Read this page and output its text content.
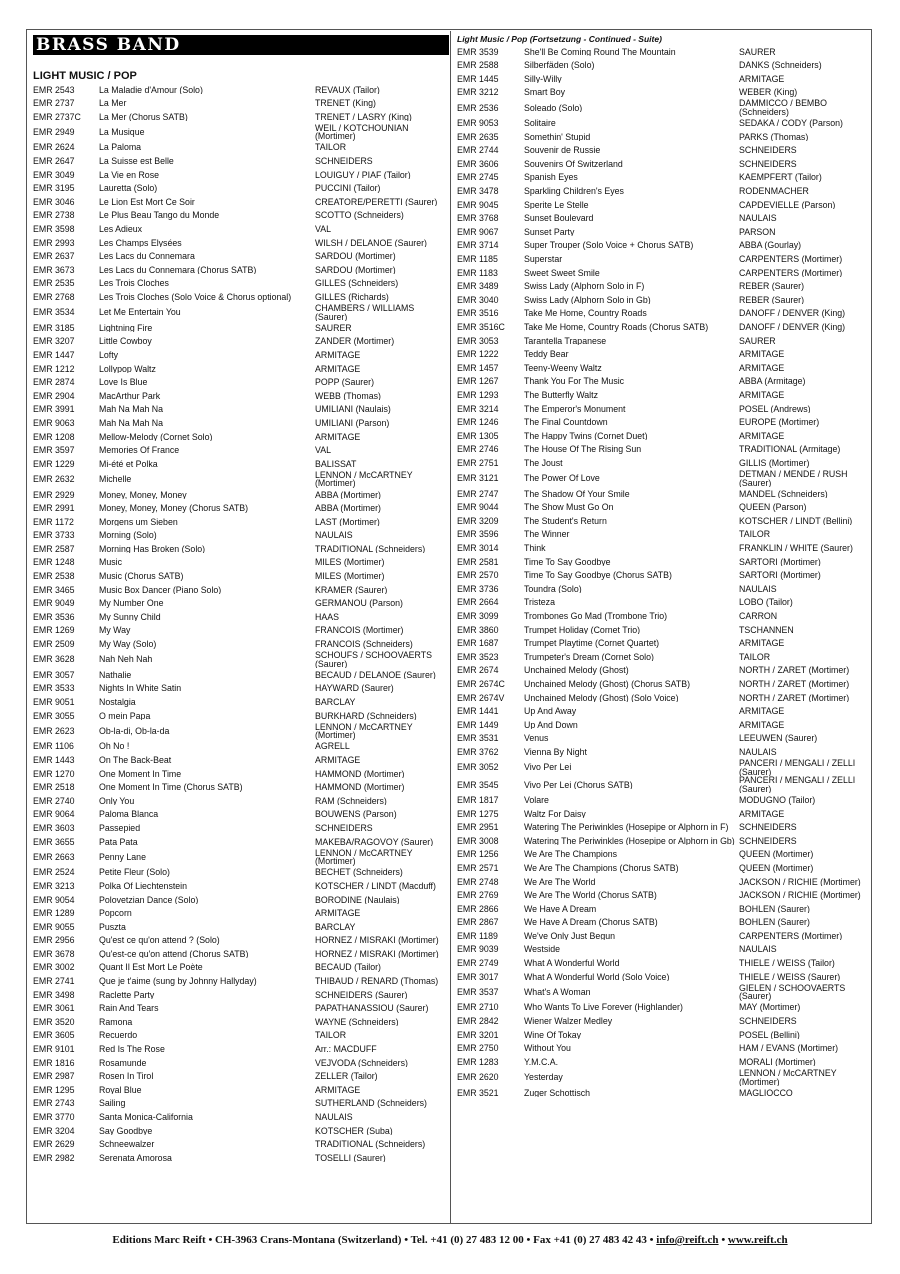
BRASS BAND
LIGHT MUSIC / POP
EMR 2543	La Maladie d'Amour (Solo)	REVAUX (Tailor)
EMR 2737	La Mer	TRENET (King)
EMR 2737C	La Mer (Chorus SATB)	TRENET / LASRY (King)
EMR 2949	La Musique	WEIL / KOTCHOUNIAN (Mortimer)
EMR 2624	La Paloma	TAILOR
EMR 2647	La Suisse est Belle	SCHNEIDERS
EMR 3049	La Vie en Rose	LOUIGUY / PIAF (Tailor)
EMR 3195	Lauretta (Solo)	PUCCINI (Tailor)
EMR 3046	Le Lion Est Mort Ce Soir	CREATORE/PERETTI (Saurer)
EMR 2738	Le Plus Beau Tango du Monde	SCOTTO (Schneiders)
EMR 3598	Les Adieux	VAL
EMR 2993	Les Champs Elysées	WILSH / DELANOE (Saurer)
EMR 2637	Les Lacs du Connemara	SARDOU (Mortimer)
EMR 3673	Les Lacs du Connemara (Chorus SATB)	SARDOU (Mortimer)
EMR 2535	Les Trois Cloches	GILLES (Schneiders)
EMR 2768	Les Trois Cloches (Solo Voice & Chorus optional)	GILLES (Richards)
EMR 3534	Let Me Entertain You	CHAMBERS / WILLIAMS (Saurer)
EMR 3185	Lightning Fire	SAURER
EMR 3207	Little Cowboy	ZANDER (Mortimer)
EMR 1447	Lofty	ARMITAGE
EMR 1212	Lollypop Waltz	ARMITAGE
EMR 2874	Love Is Blue	POPP (Saurer)
EMR 2904	MacArthur Park	WEBB (Thomas)
EMR 3991	Mah Na Mah Na	UMILIANI (Naulais)
EMR 9063	Mah Na Mah Na	UMILIANI (Parson)
EMR 1208	Mellow-Melody (Cornet Solo)	ARMITAGE
EMR 3597	Memories Of France	VAL
EMR 1229	Mi-été et Polka	BALISSAT
EMR 2632	Michelle	LENNON / McCARTNEY (Mortimer)
EMR 2929	Money, Money, Money	ABBA (Mortimer)
EMR 2991	Money, Money, Money (Chorus SATB)	ABBA (Mortimer)
EMR 1172	Morgens um Sieben	LAST (Mortimer)
EMR 3733	Morning (Solo)	NAULAIS
EMR 2587	Morning Has Broken (Solo)	TRADITIONAL (Schneiders)
EMR 1248	Music	MILES (Mortimer)
EMR 2538	Music (Chorus SATB)	MILES (Mortimer)
EMR 3465	Music Box Dancer (Piano Solo)	KRAMER (Saurer)
EMR 9049	My Number One	GERMANOU (Parson)
EMR 3536	My Sunny Child	HAAS
EMR 1269	My Way	FRANCOIS (Mortimer)
EMR 2509	My Way (Solo)	FRANCOIS (Schneiders)
EMR 3628	Nah Neh Nah	SCHOUFS / SCHOOVAERTS (Saurer)
EMR 3057	Nathalie	BECAUD / DELANOE (Saurer)
EMR 3533	Nights In White Satin	HAYWARD (Saurer)
EMR 9051	Nostalgia	BARCLAY
EMR 3055	O mein Papa	BURKHARD (Schneiders)
EMR 2623	Ob-la-di, Ob-la-da	LENNON / McCARTNEY (Mortimer)
EMR 1106	Oh No !	AGRELL
EMR 1443	On The Back-Beat	ARMITAGE
EMR 1270	One Moment In Time	HAMMOND (Mortimer)
EMR 2518	One Moment In Time (Chorus SATB)	HAMMOND (Mortimer)
EMR 2740	Only You	RAM (Schneiders)
EMR 9064	Paloma Blanca	BOUWENS (Parson)
EMR 3603	Passepied	SCHNEIDERS
EMR 3655	Pata Pata	MAKEBA/RAGOVOY (Saurer)
EMR 2663	Penny Lane	LENNON / McCARTNEY (Mortimer)
EMR 2524	Petite Fleur (Solo)	BECHET (Schneiders)
EMR 3213	Polka Of Liechtenstein	KÖTSCHER / LINDT (Macduff)
EMR 9054	Polovetzian Dance (Solo)	BORODINE (Naulais)
EMR 1289	Popcorn	ARMITAGE
EMR 9055	Puszta	BARCLAY
EMR 2956	Qu'est ce qu'on attend ? (Solo)	HORNEZ / MISRAKI (Mortimer)
EMR 3678	Qu'est-ce qu'on attend (Chorus SATB)	HORNEZ / MISRAKI (Mortimer)
EMR 3002	Quant Il Est Mort Le Poète	BECAUD (Tailor)
EMR 2741	Que je t'aime (sung by Johnny Hallyday)	THIBAUD / RENARD (Thomas)
EMR 3498	Raclette Party	SCHNEIDERS (Saurer)
EMR 3061	Rain And Tears	PAPATHANASSIOU (Saurer)
EMR 3520	Ramona	WAYNE (Schneiders)
EMR 3605	Recuerdo	TAILOR
EMR 9101	Red Is The Rose	Arr.: MACDUFF
EMR 1816	Rosamunde	VEJVODA (Schneiders)
EMR 2987	Rosen In Tirol	ZELLER (Tailor)
EMR 1295	Royal Blue	ARMITAGE
EMR 2743	Sailing	SUTHERLAND (Schneiders)
EMR 3770	Santa Monica-California	NAULAIS
EMR 3204	Say Goodbye	KÖTSCHER (Suba)
EMR 2629	Schneewalzer	TRADITIONAL (Schneiders)
EMR 2982	Serenata Amorosa	TOSELLI (Saurer)
Light Music / Pop (Fortsetzung - Continued - Suite)
EMR 3539	She'll Be Coming Round The Mountain	SAURER
EMR 2588	Silberfäden (Solo)	DANKS (Schneiders)
EMR 1445	Silly-Willy	ARMITAGE
EMR 3212	Smart Boy	WEBER (King)
EMR 2536	Soleado (Solo)	DAMMICCO / BEMBO (Schneiders)
EMR 9053	Solitaire	SEDAKA / CODY (Parson)
EMR 2635	Somethin' Stupid	PARKS (Thomas)
EMR 2744	Souvenir de Russie	SCHNEIDERS
EMR 3606	Souvenirs Of Switzerland	SCHNEIDERS
EMR 2745	Spanish Eyes	KAEMPFERT (Tailor)
EMR 3478	Sparkling Children's Eyes	RODENMACHER
EMR 9045	Sperite Le Stelle	CAPDEVIELLE (Parson)
EMR 3768	Sunset Boulevard	NAULAIS
EMR 9067	Sunset Party	PARSON
EMR 3714	Super Trouper (Solo Voice + Chorus SATB)	ABBA (Gourlay)
EMR 1185	Superstar	CARPENTERS (Mortimer)
EMR 1183	Sweet Sweet Smile	CARPENTERS (Mortimer)
EMR 3489	Swiss Lady (Alphorn Solo in F)	REBER (Saurer)
EMR 3040	Swiss Lady (Alphorn Solo in Gb)	REBER (Saurer)
EMR 3516	Take Me Home, Country Roads	DANOFF / DENVER (King)
EMR 3516C	Take Me Home, Country Roads (Chorus SATB)	DANOFF / DENVER (King)
EMR 3053	Tarantella Trapanese	SAURER
EMR 1222	Teddy Bear	ARMITAGE
EMR 1457	Teeny-Weeny Waltz	ARMITAGE
EMR 1267	Thank You For The Music	ABBA (Armitage)
EMR 1293	The Butterfly Waltz	ARMITAGE
EMR 3214	The Emperor's Monument	POSEL (Andrews)
EMR 1246	The Final Countdown	EUROPE (Mortimer)
EMR 1305	The Happy Twins (Cornet Duet)	ARMITAGE
EMR 2746	The House Of The Rising Sun	TRADITIONAL (Armitage)
EMR 2751	The Joust	GILLIS (Mortimer)
EMR 3121	The Power Of Love	DETMAN / MENDE / RUSH (Saurer)
EMR 2747	The Shadow Of Your Smile	MANDEL (Schneiders)
EMR 9044	The Show Must Go On	QUEEN (Parson)
EMR 3209	The Student's Return	KÖTSCHER / LINDT (Bellini)
EMR 3596	The Winner	TAILOR
EMR 3014	Think	FRANKLIN / WHITE (Saurer)
EMR 2581	Time To Say Goodbye	SARTORI (Mortimer)
EMR 2570	Time To Say Goodbye (Chorus SATB)	SARTORI (Mortimer)
EMR 3736	Toundra (Solo)	NAULAIS
EMR 2664	Tristeza	LOBO (Tailor)
EMR 3099	Trombones Go Mad (Trombone Trio)	CARRON
EMR 3860	Trumpet Holiday (Cornet Trio)	TSCHANNEN
EMR 1687	Trumpet Playtime (Cornet Quartet)	ARMITAGE
EMR 3523	Trumpeter's Dream (Cornet Solo)	TAILOR
EMR 2674	Unchained Melody (Ghost)	NORTH / ZARET (Mortimer)
EMR 2674C	Unchained Melody (Ghost) (Chorus SATB)	NORTH / ZARET (Mortimer)
EMR 2674V	Unchained Melody (Ghost) (Solo Voice)	NORTH / ZARET (Mortimer)
EMR 1441	Up And Away	ARMITAGE
EMR 1449	Up And Down	ARMITAGE
EMR 3531	Venus	LEEUWEN (Saurer)
EMR 3762	Vienna By Night	NAULAIS
EMR 3052	Vivo Per Lei	PANCERI / MENGALI / ZELLI (Saurer)
EMR 3545	Vivo Per Lei (Chorus SATB)	PANCERI / MENGALI / ZELLI (Saurer)
EMR 1817	Volare	MODUGNO (Tailor)
EMR 1275	Waltz For Daisy	ARMITAGE
EMR 2951	Watering The Periwinkles (Hosepipe or Alphorn in F)	SCHNEIDERS
EMR 3008	Watering The Periwinkles (Hosepipe or Alphorn in Gb) SCHNEIDERS
EMR 1256	We Are The Champions	QUEEN (Mortimer)
EMR 2571	We Are The Champions (Chorus SATB)	QUEEN (Mortimer)
EMR 2748	We Are The World	JACKSON / RICHIE (Mortimer)
EMR 2769	We Are The World (Chorus SATB)	JACKSON / RICHIE (Mortimer)
EMR 2866	We Have A Dream	BOHLEN (Saurer)
EMR 2867	We Have A Dream (Chorus SATB)	BOHLEN (Saurer)
EMR 1189	We've Only Just Begun	CARPENTERS (Mortimer)
EMR 9039	Westside	NAULAIS
EMR 2749	What A Wonderful World	THIELE / WEISS (Tailor)
EMR 3017	What A Wonderful World (Solo Voice)	THIELE / WEISS (Saurer)
EMR 3537	What's A Woman	GIELEN / SCHOOVAERTS (Saurer)
EMR 2710	Who Wants To Live Forever (Highlander)	MAY (Mortimer)
EMR 2842	Wiener Walzer Medley	SCHNEIDERS
EMR 3201	Wine Of Tokay	POSEL (Bellini)
EMR 2750	Without You	HAM / EVANS (Mortimer)
EMR 1283	Y.M.C.A.	MORALI (Mortimer)
EMR 2620	Yesterday	LENNON / McCARTNEY (Mortimer)
EMR 3521	Zuger Schottisch	MAGLIOCCO
Editions Marc Reift • CH-3963 Crans-Montana (Switzerland) • Tel. +41 (0) 27 483 12 00 • Fax +41 (0) 27 483 42 43 • info@reift.ch • www.reift.ch
